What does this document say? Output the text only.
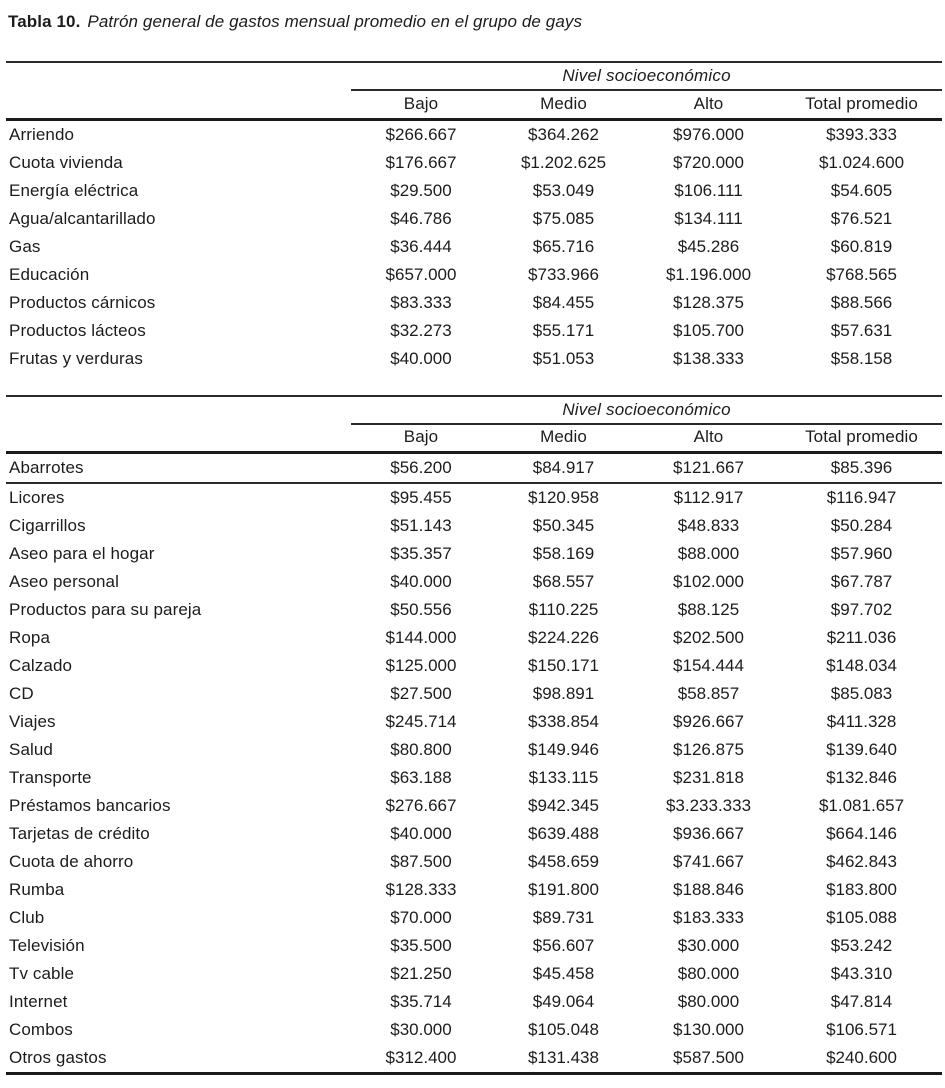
Tabla 10. Patrón general de gastos mensual promedio en el grupo de gays
	Nivel socioeconómico			
	Bajo	Medio	Alto	Total promedio
Arriendo	$266.667	$364.262	$976.000	$393.333
Cuota vivienda	$176.667	$1.202.625	$720.000	$1.024.600
Energía eléctrica	$29.500	$53.049	$106.111	$54.605
Agua/alcantarillado	$46.786	$75.085	$134.111	$76.521
Gas	$36.444	$65.716	$45.286	$60.819
Educación	$657.000	$733.966	$1.196.000	$768.565
Productos cárnicos	$83.333	$84.455	$128.375	$88.566
Productos lácteos	$32.273	$55.171	$105.700	$57.631
Frutas y verduras	$40.000	$51.053	$138.333	$58.158
	Nivel socioeconómico			
	Bajo	Medio	Alto	Total promedio
Abarrotes	$56.200	$84.917	$121.667	$85.396
Licores	$95.455	$120.958	$112.917	$116.947
Cigarrillos	$51.143	$50.345	$48.833	$50.284
Aseo para el hogar	$35.357	$58.169	$88.000	$57.960
Aseo personal	$40.000	$68.557	$102.000	$67.787
Productos para su pareja	$50.556	$110.225	$88.125	$97.702
Ropa	$144.000	$224.226	$202.500	$211.036
Calzado	$125.000	$150.171	$154.444	$148.034
CD	$27.500	$98.891	$58.857	$85.083
Viajes	$245.714	$338.854	$926.667	$411.328
Salud	$80.800	$149.946	$126.875	$139.640
Transporte	$63.188	$133.115	$231.818	$132.846
Préstamos bancarios	$276.667	$942.345	$3.233.333	$1.081.657
Tarjetas de crédito	$40.000	$639.488	$936.667	$664.146
Cuota de ahorro	$87.500	$458.659	$741.667	$462.843
Rumba	$128.333	$191.800	$188.846	$183.800
Club	$70.000	$89.731	$183.333	$105.088
Televisión	$35.500	$56.607	$30.000	$53.242
Tv cable	$21.250	$45.458	$80.000	$43.310
Internet	$35.714	$49.064	$80.000	$47.814
Combos	$30.000	$105.048	$130.000	$106.571
Otros gastos	$312.400	$131.438	$587.500	$240.600
